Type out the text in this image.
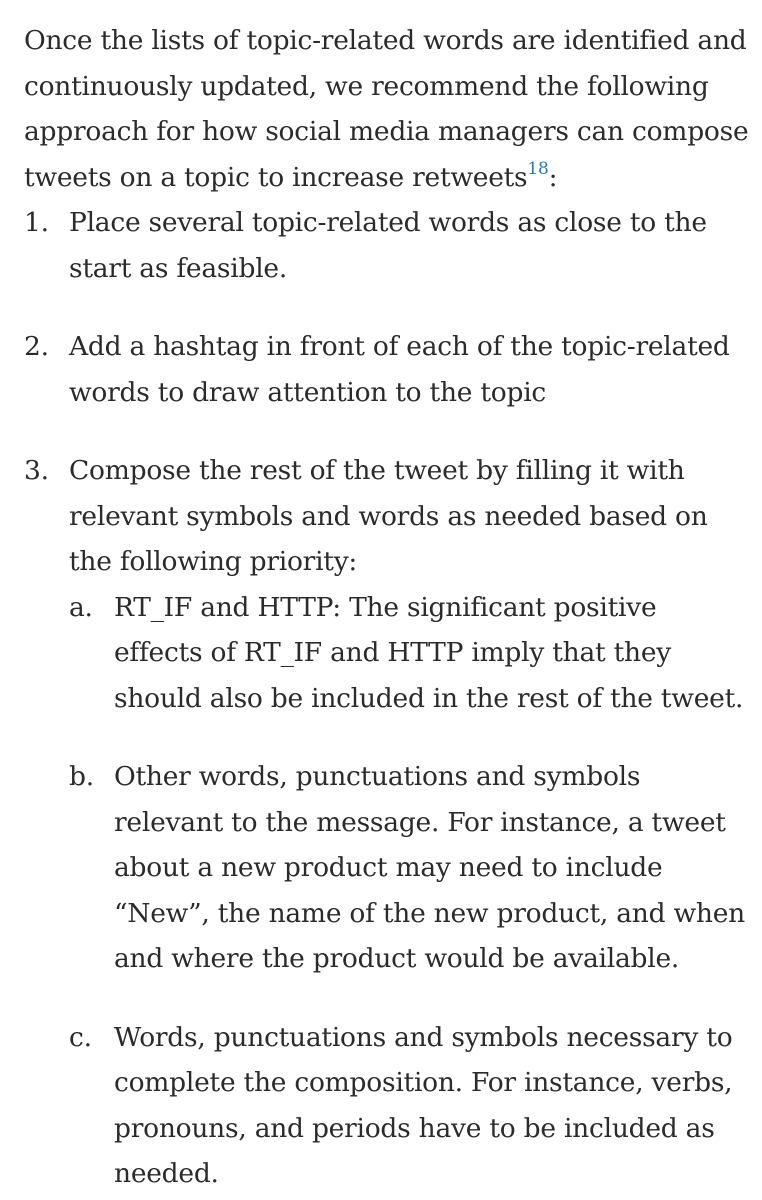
Once the lists of topic-related words are identified and continuously updated, we recommend the following approach for how social media managers can compose tweets on a topic to increase retweets$^{18}$:

1. Place several topic-related words as close to the start as feasible.
2. Add a hashtag in front of each of the topic-related words to draw attention to the topic
3. Compose the rest of the tweet by filling it with relevant symbols and words as needed based on the following priority:
a. RT_IF and HTTP: The significant positive effects of RT_IF and HTTP imply that they should also be included in the rest of the tweet.
b. Other words, punctuations and symbols relevant to the message. For instance, a tweet about a new product may need to include “New”, the name of the new product, and when and where the product would be available.
c. Words, punctuations and symbols necessary to complete the composition. For instance, verbs, pronouns, and periods have to be included as needed.
